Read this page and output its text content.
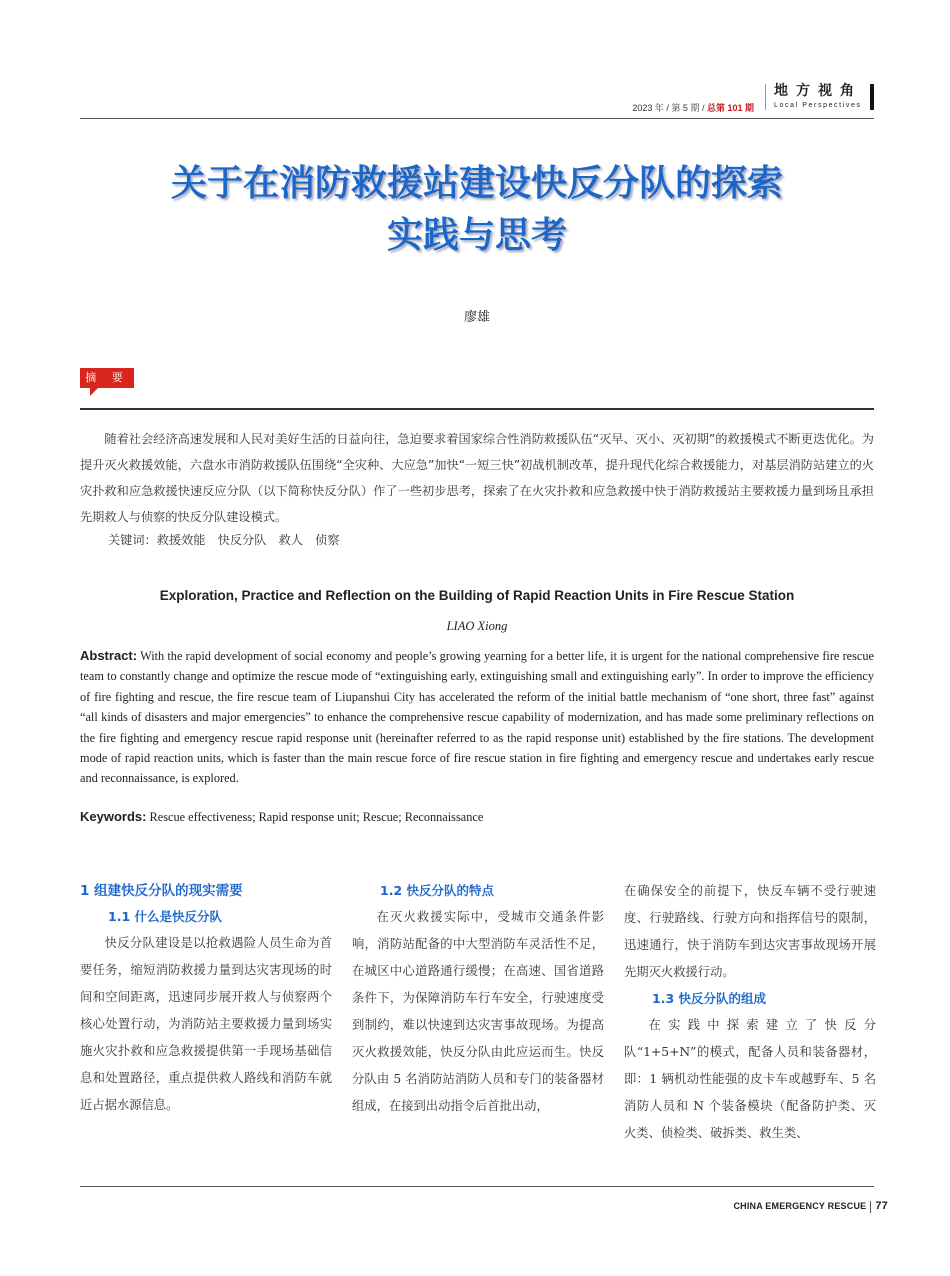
地方视角
Local Perspectives
2023 年 / 第 5 期 / 总第 101 期
关于在消防救援站建设快反分队的探索
实践与思考
廖雄
摘 要
随着社会经济高速发展和人民对美好生活的日益向往，急迫要求着国家综合性消防救援队伍“灭早、灭小、灭初期”的救援模式不断更迭优化。为提升灭火救援效能，六盘水市消防救援队伍围绕“全灾种、大应急”加快“一短三快”初战机制改革，提升现代化综合救援能力，对基层消防站建立的火灾扑救和应急救援快速反应分队（以下简称快反分队）作了一些初步思考，探索了在火灾扑救和应急救援中快于消防救援站主要救援力量到场且承担先期救人与侦察的快反分队建设模式。
关键词：救援效能　快反分队　救人　侦察
Exploration, Practice and Reflection on the Building of Rapid Reaction Units in Fire Rescue Station
LIAO Xiong
Abstract: With the rapid development of social economy and people’s growing yearning for a better life, it is urgent for the national comprehensive fire rescue team to constantly change and optimize the rescue mode of “extinguishing early, extinguishing small and extinguishing early”. In order to improve the efficiency of fire fighting and rescue, the fire rescue team of Liupanshui City has accelerated the reform of the initial battle mechanism of “one short, three fast” against “all kinds of disasters and major emergencies” to enhance the comprehensive rescue capability of modernization, and has made some preliminary reflections on the fire fighting and emergency rescue rapid response unit (hereinafter referred to as the rapid response unit) established by the fire stations. The development mode of rapid reaction units, which is faster than the main rescue force of fire rescue station in fire fighting and emergency rescue and undertakes early rescue and reconnaissance, is explored.
Keywords: Rescue effectiveness; Rapid response unit; Rescue; Reconnaissance
1 组建快反分队的现实需要
1.1 什么是快反分队
快反分队建设是以抢救遇险人员生命为首要任务，缩短消防救援力量到达灾害现场的时间和空间距离，迅速同步展开救人与侦察两个核心处置行动，为消防站主要救援力量到场实施火灾扑救和应急救援提供第一手现场基础信息和处置路径，重点提供救人路线和消防车就近占据水源信息。
1.2 快反分队的特点
在灭火救援实际中，受城市交通条件影响，消防站配备的中大型消防车灵活性不足，在城区中心道路通行缓慢；在高速、国省道路条件下，为保障消防车行车安全，行驶速度受到制约，难以快速到达灾害事故现场。为提高灭火救援效能，快反分队由此应运而生。快反分队由 5 名消防站消防人员和专门的装备器材组成，在接到出动指令后首批出动，
在确保安全的前提下，快反车辆不受行驶速度、行驶路线、行驶方向和指挥信号的限制，迅速通行，快于消防车到达灾害事故现场开展先期灭火救援行动。
1.3 快反分队的组成
在实践中探索建立了快反分队“1+5+N”的模式，配备人员和装备器材，即：1 辆机动性能强的皮卡车或越野车、5 名消防人员和 N 个装备模块（配备防护类、灭火类、侦检类、破拆类、救生类、
CHINA EMERGENCY RESCUE 77
